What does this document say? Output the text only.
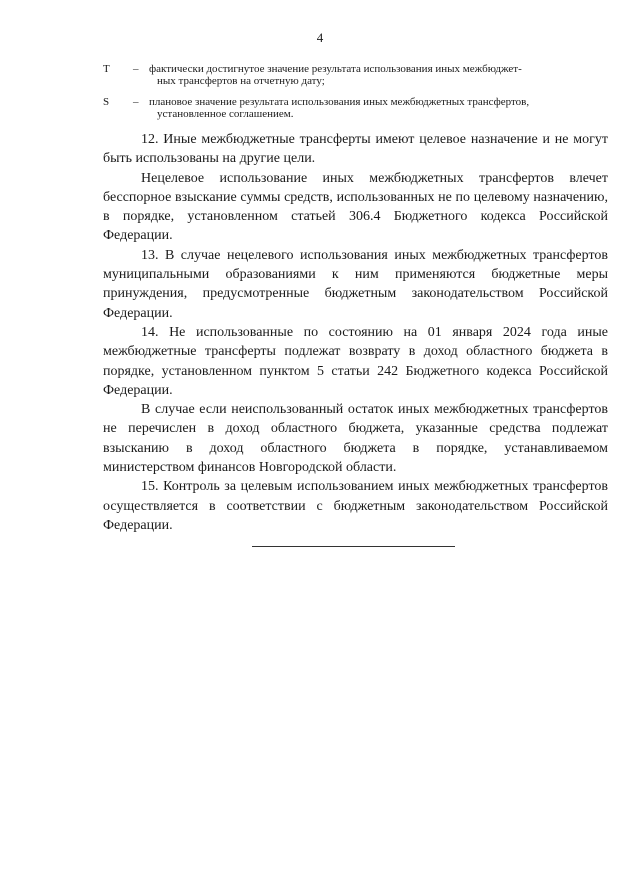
4
T – фактически достигнутое значение результата использования иных межбюджет-
ных трансфертов на отчетную дату;
S – плановое значение результата использования иных межбюджетных трансфертов,
установленное соглашением.

12. Иные межбюджетные трансферты имеют целевое назначение и не могут быть использованы на другие цели.

Нецелевое использование иных межбюджетных трансфертов влечет бесспорное взыскание суммы средств, использованных не по целевому назначению, в порядке, установленном статьей 306.4 Бюджетного кодекса Российской Федерации.

13. В случае нецелевого использования иных межбюджетных трансфертов муниципальными образованиями к ним применяются бюджетные меры принуждения, предусмотренные бюджетным законодательством Российской Федерации.

14. Не использованные по состоянию на 01 января 2024 года иные межбюджетные трансферты подлежат возврату в доход областного бюджета в порядке, установленном пунктом 5 статьи 242 Бюджетного кодекса Российской Федерации.

В случае если неиспользованный остаток иных межбюджетных трансфертов не перечислен в доход областного бюджета, указанные средства подлежат взысканию в доход областного бюджета в порядке, устанавливаемом министерством финансов Новгородской области.

15. Контроль за целевым использованием иных межбюджетных трансфертов осуществляется в соответствии с бюджетным законодательством Российской Федерации.
